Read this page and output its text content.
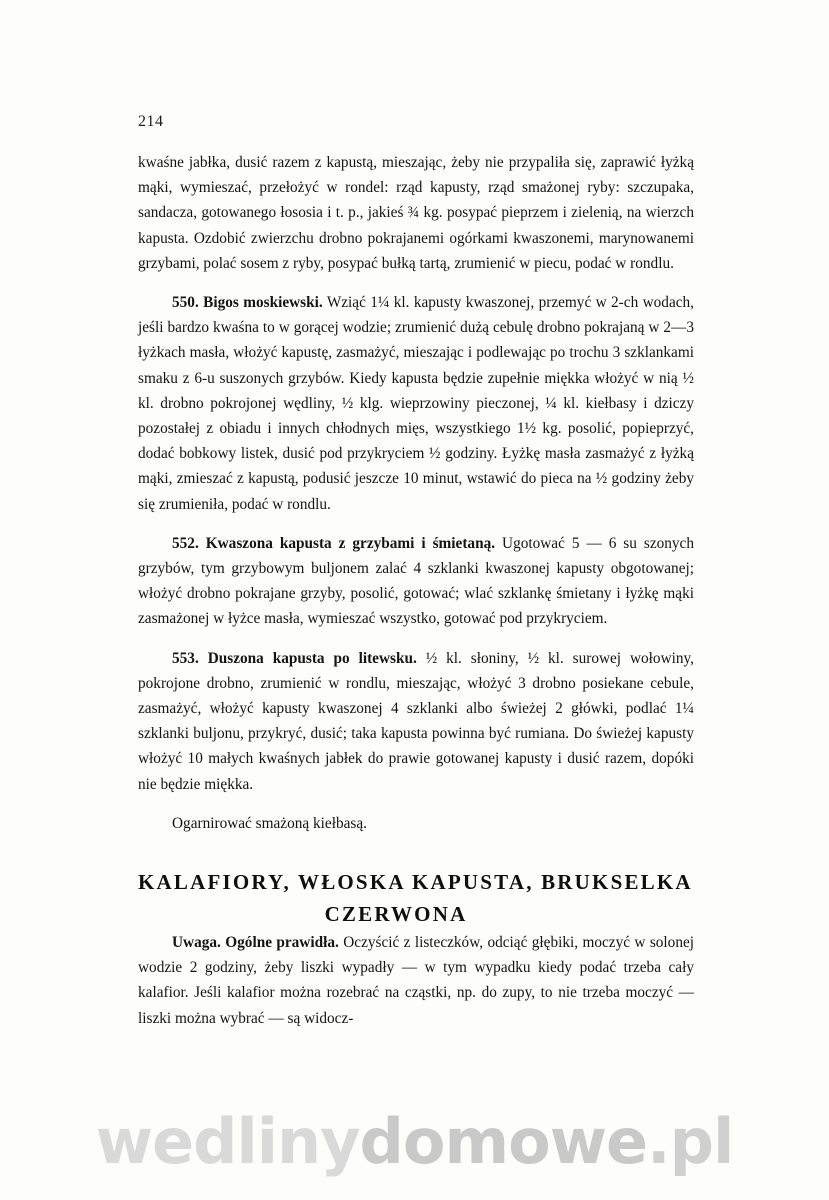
214

kwaśne jabłka, dusić razem z kapustą, mieszając, żeby nie przypaliła się, zaprawić łyżką mąki, wymieszać, przełożyć w rondel: rząd kapusty, rząd smażonej ryby: szczupaka, sandacza, gotowanego łososia i t. p., jakieś ¾ kg. posypać pieprzem i zielenią, na wierzch kapusta. Ozdobić zwierzchu drobno pokrajanemi ogórkami kwaszonemi, marynowanemi grzybami, polać sosem z ryby, posypać bułką tartą, zrumienić w piecu, podać w rondlu.

550. Bigos moskiewski. Wziąć 1¼ kl. kapusty kwaszonej, przemyć w 2-ch wodach, jeśli bardzo kwaśna to w gorącej wodzie; zrumienić dużą cebulę drobno pokrajaną w 2—3 łyżkach masła, włożyć kapustę, zasmażyć, mieszając i podlewając po trochu 3 szklankami smaku z 6-u suszonych grzybów. Kiedy kapusta będzie zupełnie miękka włożyć w nią ½ kl. drobno pokrojonej wędliny, ½ klg. wieprzowiny pieczonej, ¼ kl. kiełbasy i dziczy pozostałej z obiadu i innych chłodnych mięs, wszystkiego 1½ kg. posolić, popieprzyć, dodać bobkowy listek, dusić pod przykryciem ½ godziny. Łyżkę masła zasmażyć z łyżką mąki, zmieszać z kapustą, podusić jeszcze 10 minut, wstawić do pieca na ½ godziny żeby się zrumieniła, podać w rondlu.

552. Kwaszona kapusta z grzybami i śmietaną. Ugotować 5 — 6 su szonych grzybów, tym grzybowym buljonem zalać 4 szklanki kwaszonej kapusty obgotowanej; włożyć drobno pokrajane grzyby, posolić, gotować; wlać szklankę śmietany i łyżkę mąki zasmażonej w łyżce masła, wymieszać wszystko, gotować pod przykryciem.

553. Duszona kapusta po litewsku. ½ kl. słoniny, ½ kl. surowej wołowiny, pokrojone drobno, zrumienić w rondlu, mieszając, włożyć 3 drobno posiekane cebule, zasmażyć, włożyć kapusty kwaszonej 4 szklanki albo świeżej 2 główki, podlać 1¼ szklanki buljonu, przykryć, dusić; taka kapusta powinna być rumiana. Do świeżej kapusty włożyć 10 małych kwaśnych jabłek do prawie gotowanej kapusty i dusić razem, dopóki nie będzie miękka.

Ogarnirować smażoną kiełbasą.

KALAFIORY, WŁOSKA KAPUSTA, BRUKSELKA
CZERWONA

Uwaga. Ogólne prawidła. Oczyścić z listeczków, odciąć głębiki, moczyć w solonej wodzie 2 godziny, żeby liszki wypadły — w tym wypadku kiedy podać trzeba cały kalafior. Jeśli kalafior można rozebrać na cząstki, np. do zupy, to nie trzeba moczyć — liszki można wybrać — są widocz-

wedlinydomowe.pl
